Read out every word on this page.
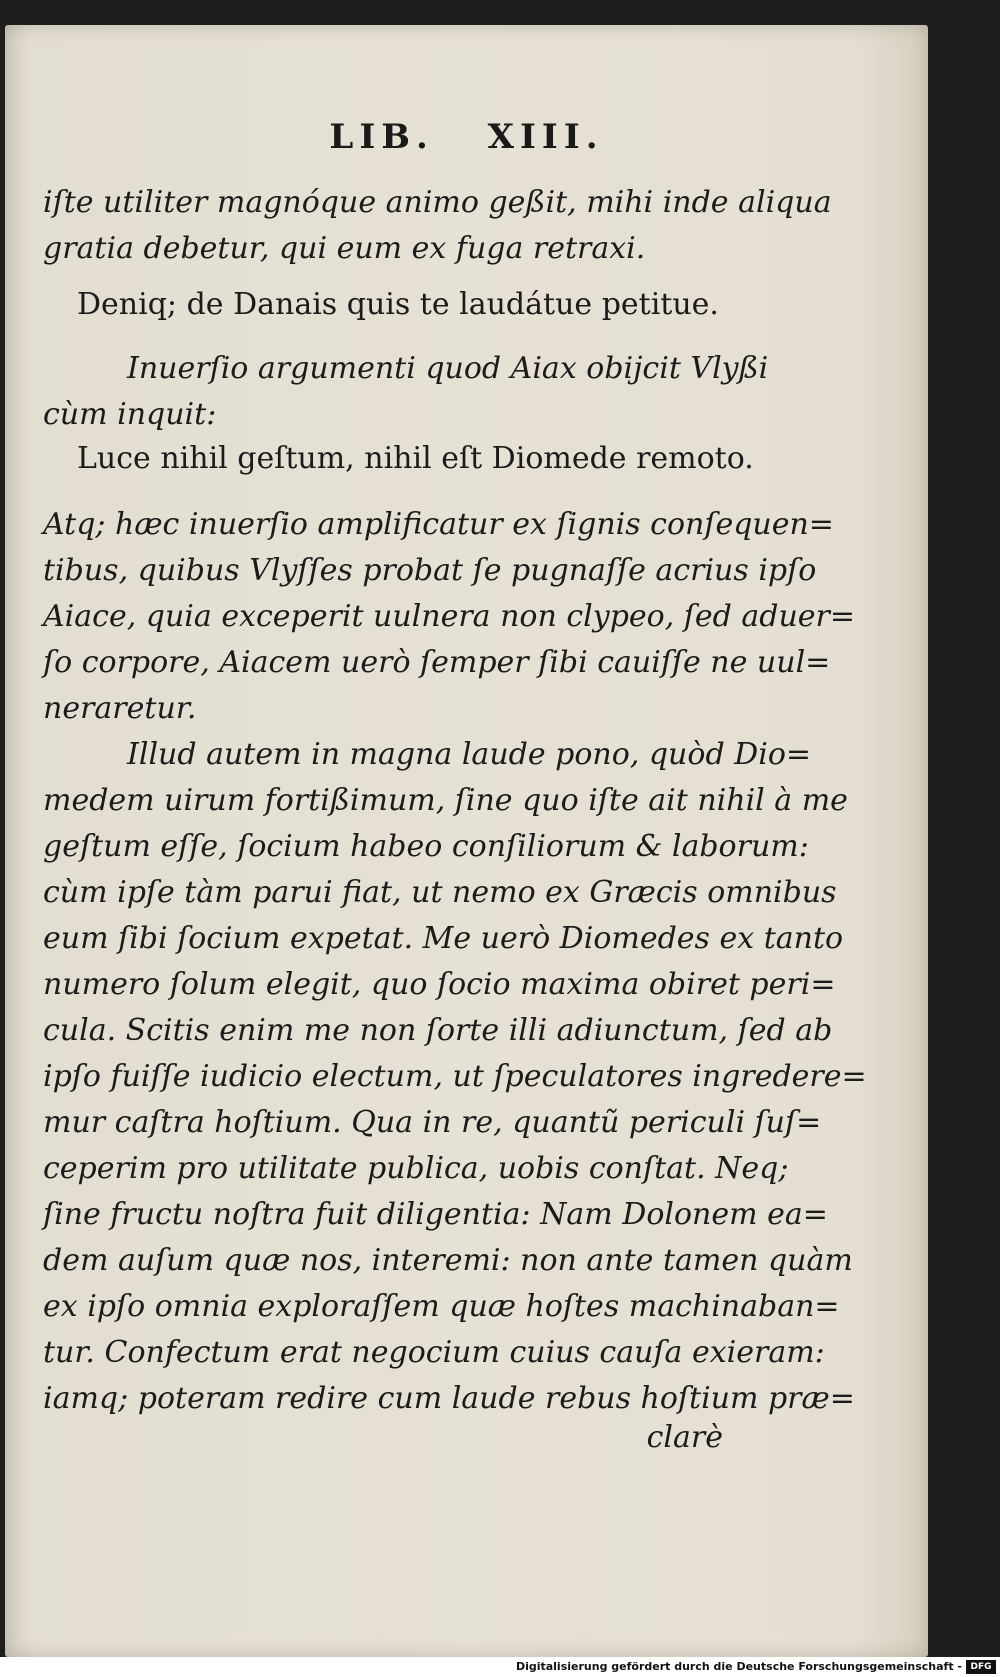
LIB. XIII.
iſte utiliter magnóque animo geßit, mihi inde aliqua
gratia debetur, qui eum ex fuga retraxi.
Deniq; de Danais quis te laudátue petitue.
Inuerſio argumenti quod Aiax obijcit Vlyßi
cùm inquit:
Luce nihil geſtum, nihil eſt Diomede remoto.
Atq; hæc inuerſio amplificatur ex ſignis conſequen=
tibus, quibus Vlyſſes probat ſe pugnaſſe acrius ipſo
Aiace, quia exceperit uulnera non clypeo, ſed aduer=
ſo corpore, Aiacem uerò ſemper ſibi cauiſſe ne uul=
neraretur.
Illud autem in magna laude pono, quòd Dio=
medem uirum fortißimum, ſine quo iſte ait nihil à me
geſtum eſſe, ſocium habeo conſiliorum & laborum:
cùm ipſe tàm parui fiat, ut nemo ex Græcis omnibus
eum ſibi ſocium expetat. Me uerò Diomedes ex tanto
numero ſolum elegit, quo ſocio maxima obiret peri=
cula. Scitis enim me non ſorte illi adiunctum, ſed ab
ipſo fuiſſe iudicio electum, ut ſpeculatores ingredere=
mur caſtra hoſtium. Qua in re, quantũ periculi ſuſ=
ceperim pro utilitate publica, uobis conſtat. Neq;
ſine fructu noſtra fuit diligentia: Nam Dolonem ea=
dem auſum quæ nos, interemi: non ante tamen quàm
ex ipſo omnia exploraſſem quæ hoſtes machinaban=
tur. Confectum erat negocium cuius cauſa exieram:
iamq; poteram redire cum laude rebus hoſtium præ=
clarè
Digitalisierung gefördert durch die Deutsche Forschungsgemeinschaft - DFG
